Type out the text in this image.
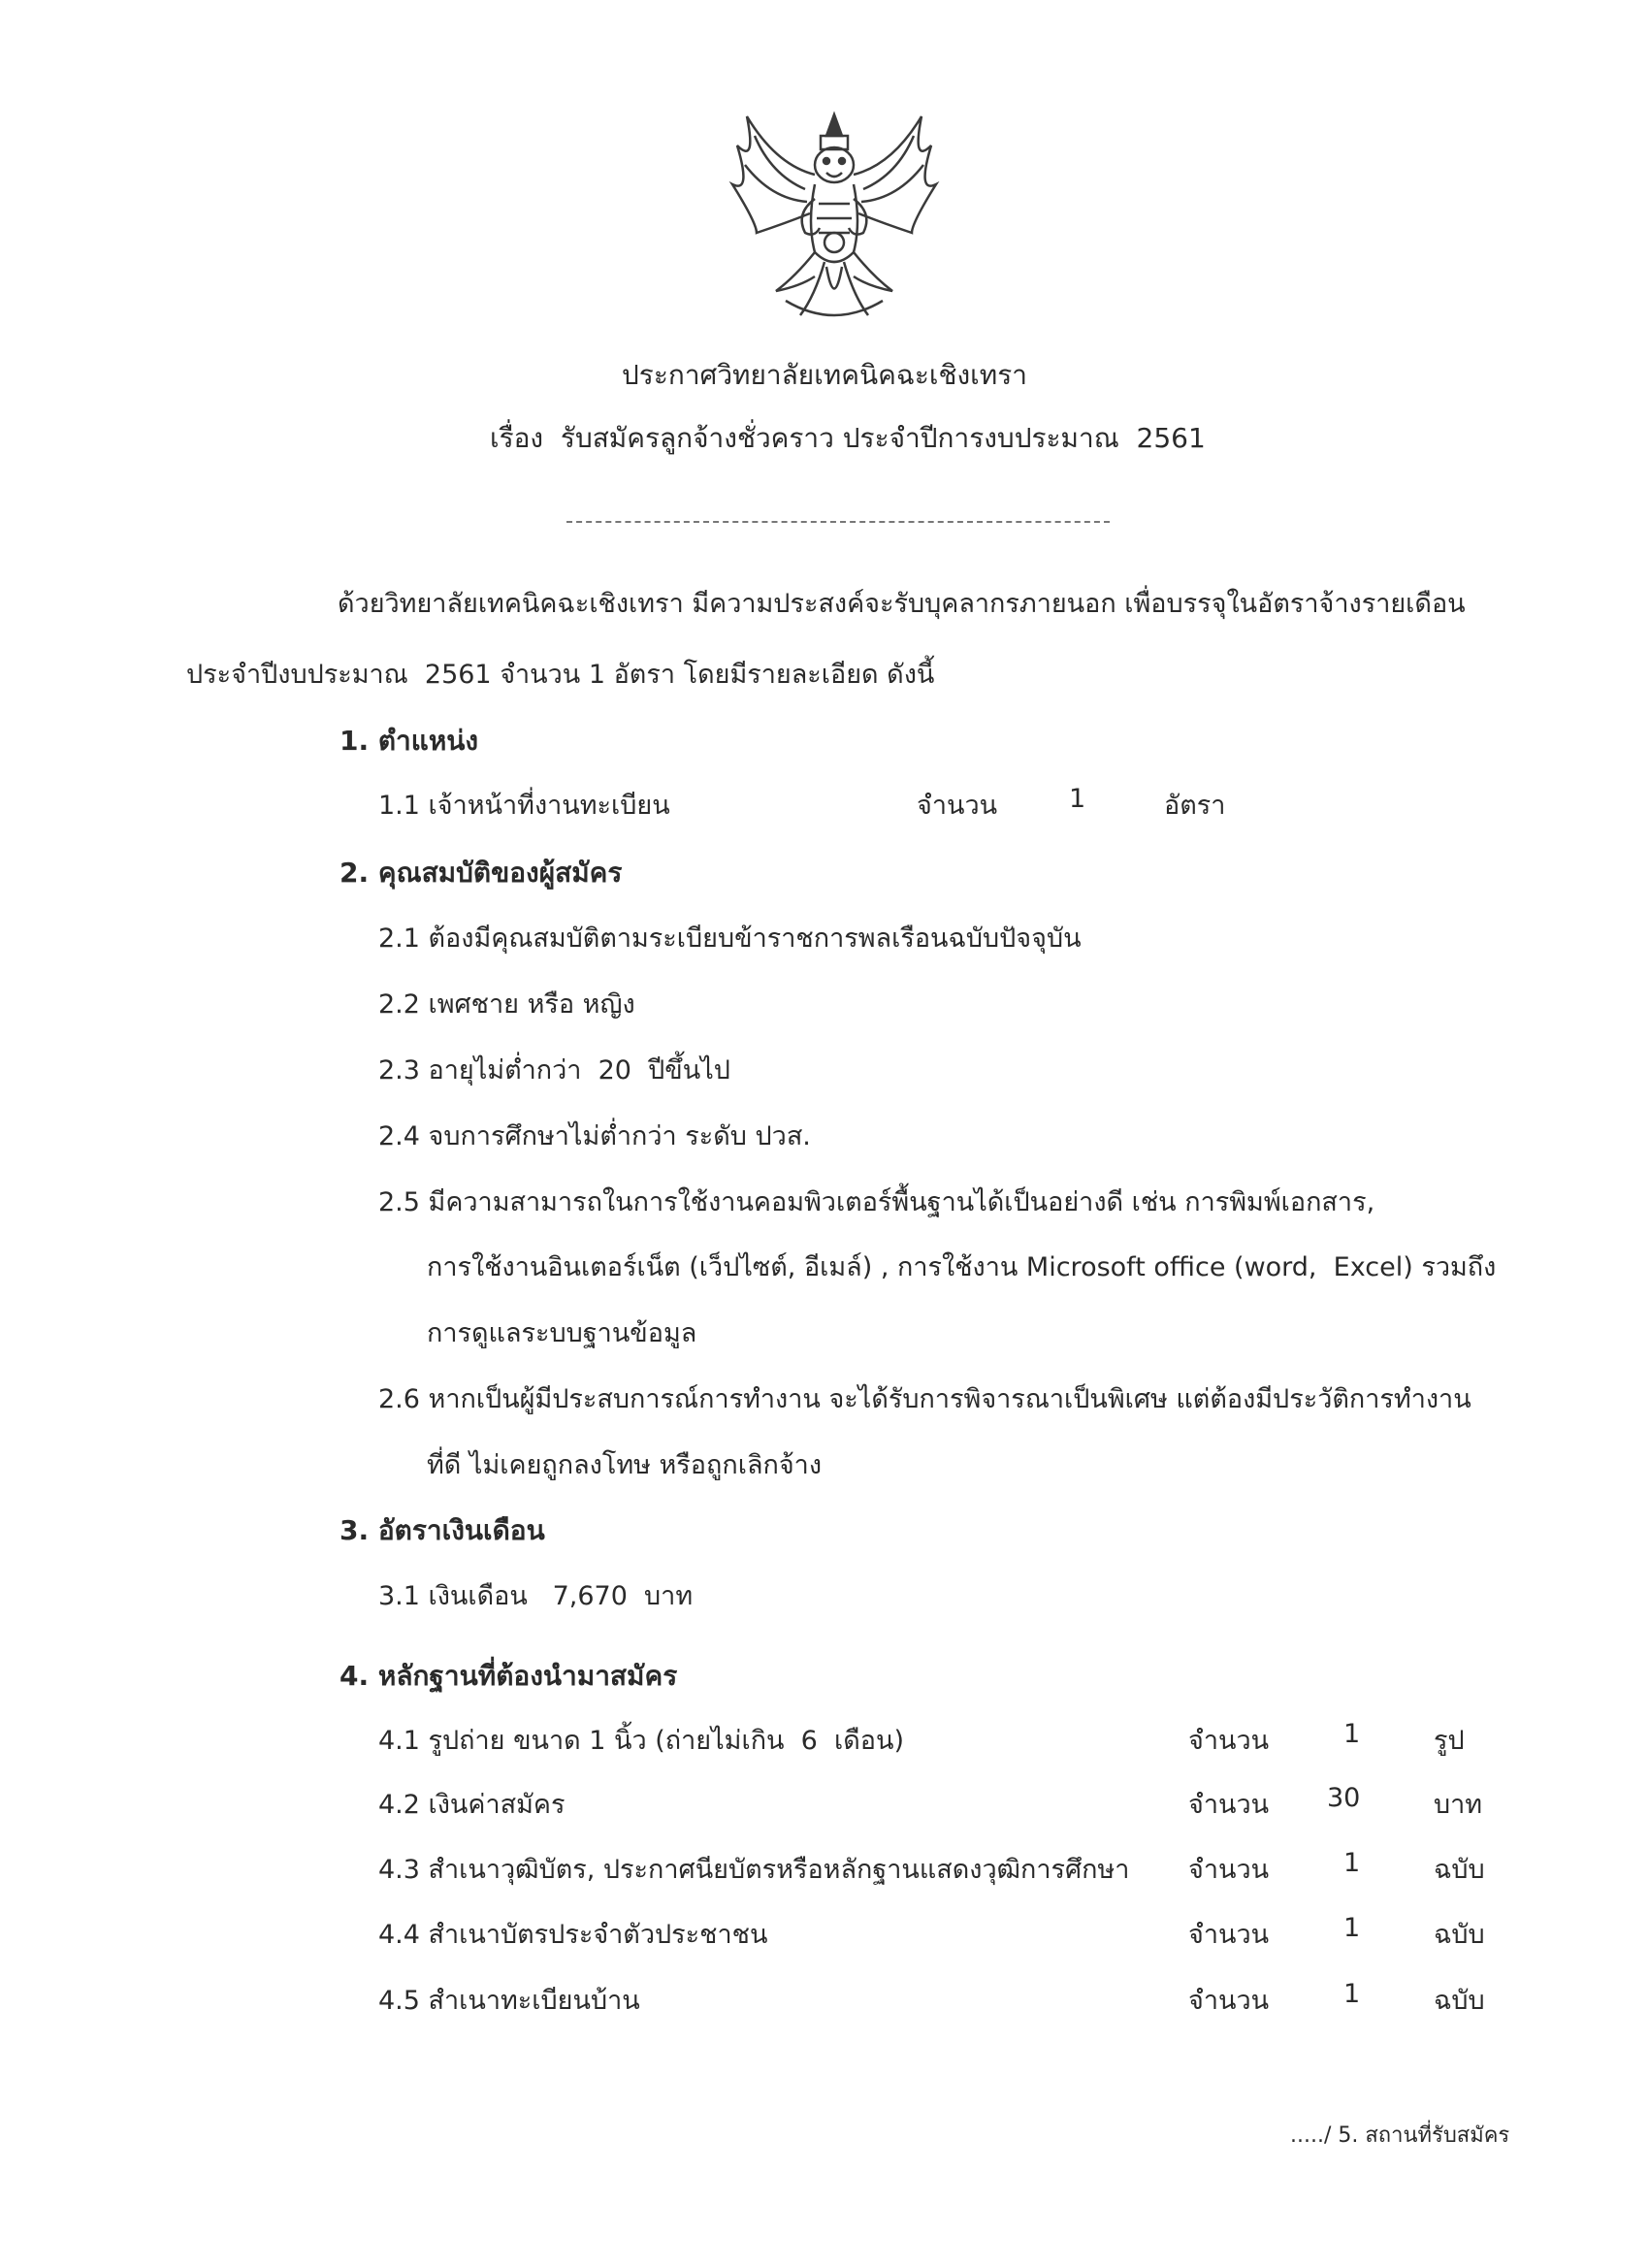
ประกาศวิทยาลัยเทคนิคฉะเชิงเทรา
เรื่อง  รับสมัครลูกจ้างชั่วคราว ประจำปีการงบประมาณ  2561
ด้วยวิทยาลัยเทคนิคฉะเชิงเทรา มีความประสงค์จะรับบุคลากรภายนอก เพื่อบรรจุในอัตราจ้างรายเดือน
ประจำปีงบประมาณ  2561 จำนวน 1 อัตรา โดยมีรายละเอียด ดังนี้
1. ตำแหน่ง
1.1 เจ้าหน้าที่งานทะเบียน	จำนวน	1	อัตรา
2. คุณสมบัติของผู้สมัคร
2.1 ต้องมีคุณสมบัติตามระเบียบข้าราชการพลเรือนฉบับปัจจุบัน
2.2 เพศชาย หรือ หญิง
2.3 อายุไม่ต่ำกว่า  20  ปีขึ้นไป
2.4 จบการศึกษาไม่ต่ำกว่า ระดับ ปวส.
2.5 มีความสามารถในการใช้งานคอมพิวเตอร์พื้นฐานได้เป็นอย่างดี เช่น การพิมพ์เอกสาร,
การใช้งานอินเตอร์เน็ต (เว็ปไซต์, อีเมล์) , การใช้งาน Microsoft office (word,  Excel) รวมถึง
การดูแลระบบฐานข้อมูล
2.6 หากเป็นผู้มีประสบการณ์การทำงาน จะได้รับการพิจารณาเป็นพิเศษ แต่ต้องมีประวัติการทำงาน
ที่ดี ไม่เคยถูกลงโทษ หรือถูกเลิกจ้าง
3. อัตราเงินเดือน
3.1 เงินเดือน   7,670  บาท
4. หลักฐานที่ต้องนำมาสมัคร
4.1 รูปถ่าย ขนาด 1 นิ้ว (ถ่ายไม่เกิน  6  เดือน)	จำนวน	1	รูป
4.2 เงินค่าสมัคร	จำนวน 30	บาท
4.3 สำเนาวุฒิบัตร, ประกาศนียบัตรหรือหลักฐานแสดงวุฒิการศึกษา จำนวน	1	ฉบับ
4.4 สำเนาบัตรประจำตัวประชาชน	จำนวน	1	ฉบับ
4.5 สำเนาทะเบียนบ้าน	จำนวน	1	ฉบับ
...../ 5. สถานที่รับสมัคร
